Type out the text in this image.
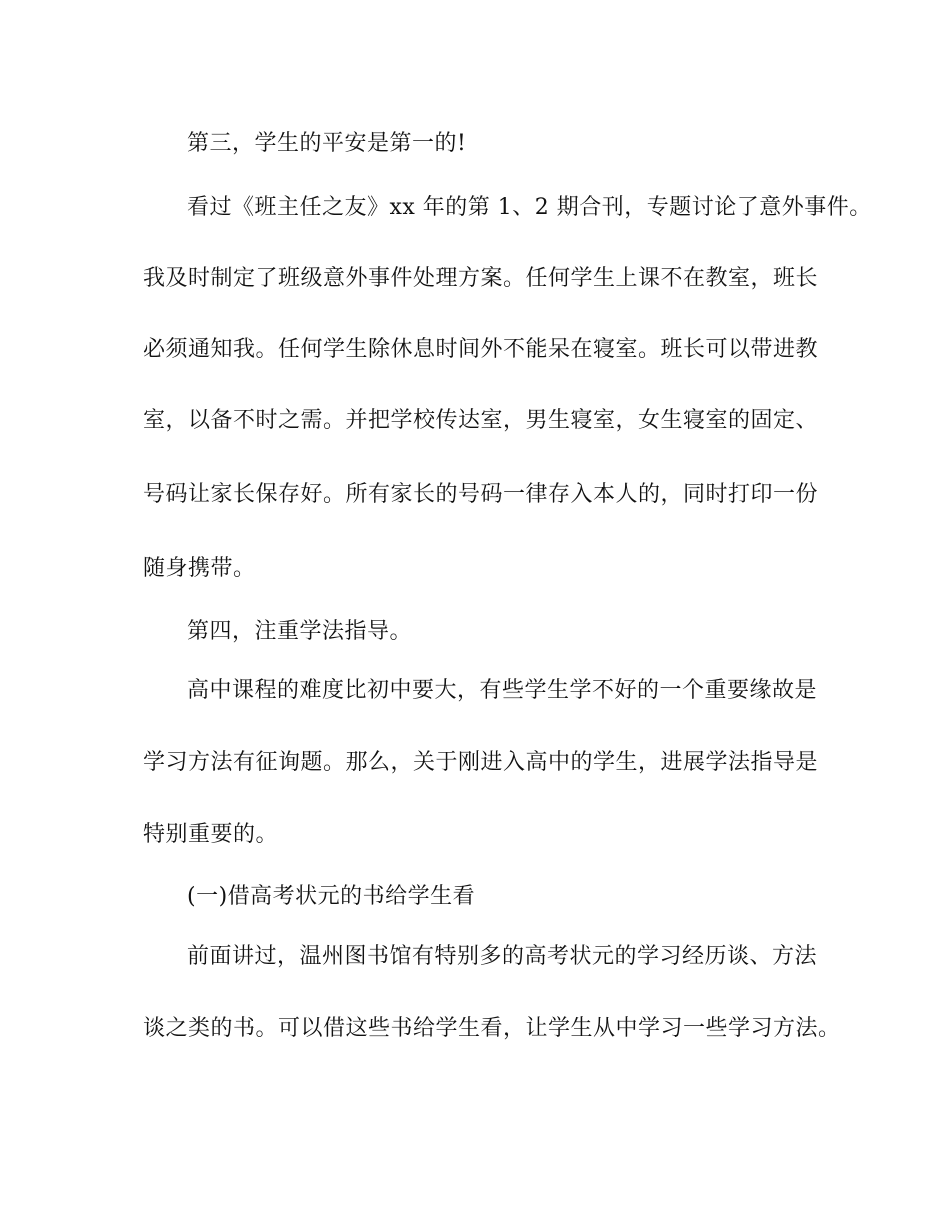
第三，学生的平安是第一的!
看过《班主任之友》xx 年的第 1、2 期合刊，专题讨论了意外事件。
我及时制定了班级意外事件处理方案。任何学生上课不在教室，班长
必须通知我。任何学生除休息时间外不能呆在寝室。班长可以带进教
室，以备不时之需。并把学校传达室，男生寝室，女生寝室的固定、
号码让家长保存好。所有家长的号码一律存入本人的，同时打印一份
随身携带。
第四，注重学法指导。
高中课程的难度比初中要大，有些学生学不好的一个重要缘故是
学习方法有征询题。那么，关于刚进入高中的学生，进展学法指导是
特别重要的。
(一)借高考状元的书给学生看
前面讲过，温州图书馆有特别多的高考状元的学习经历谈、方法
谈之类的书。可以借这些书给学生看，让学生从中学习一些学习方法。
